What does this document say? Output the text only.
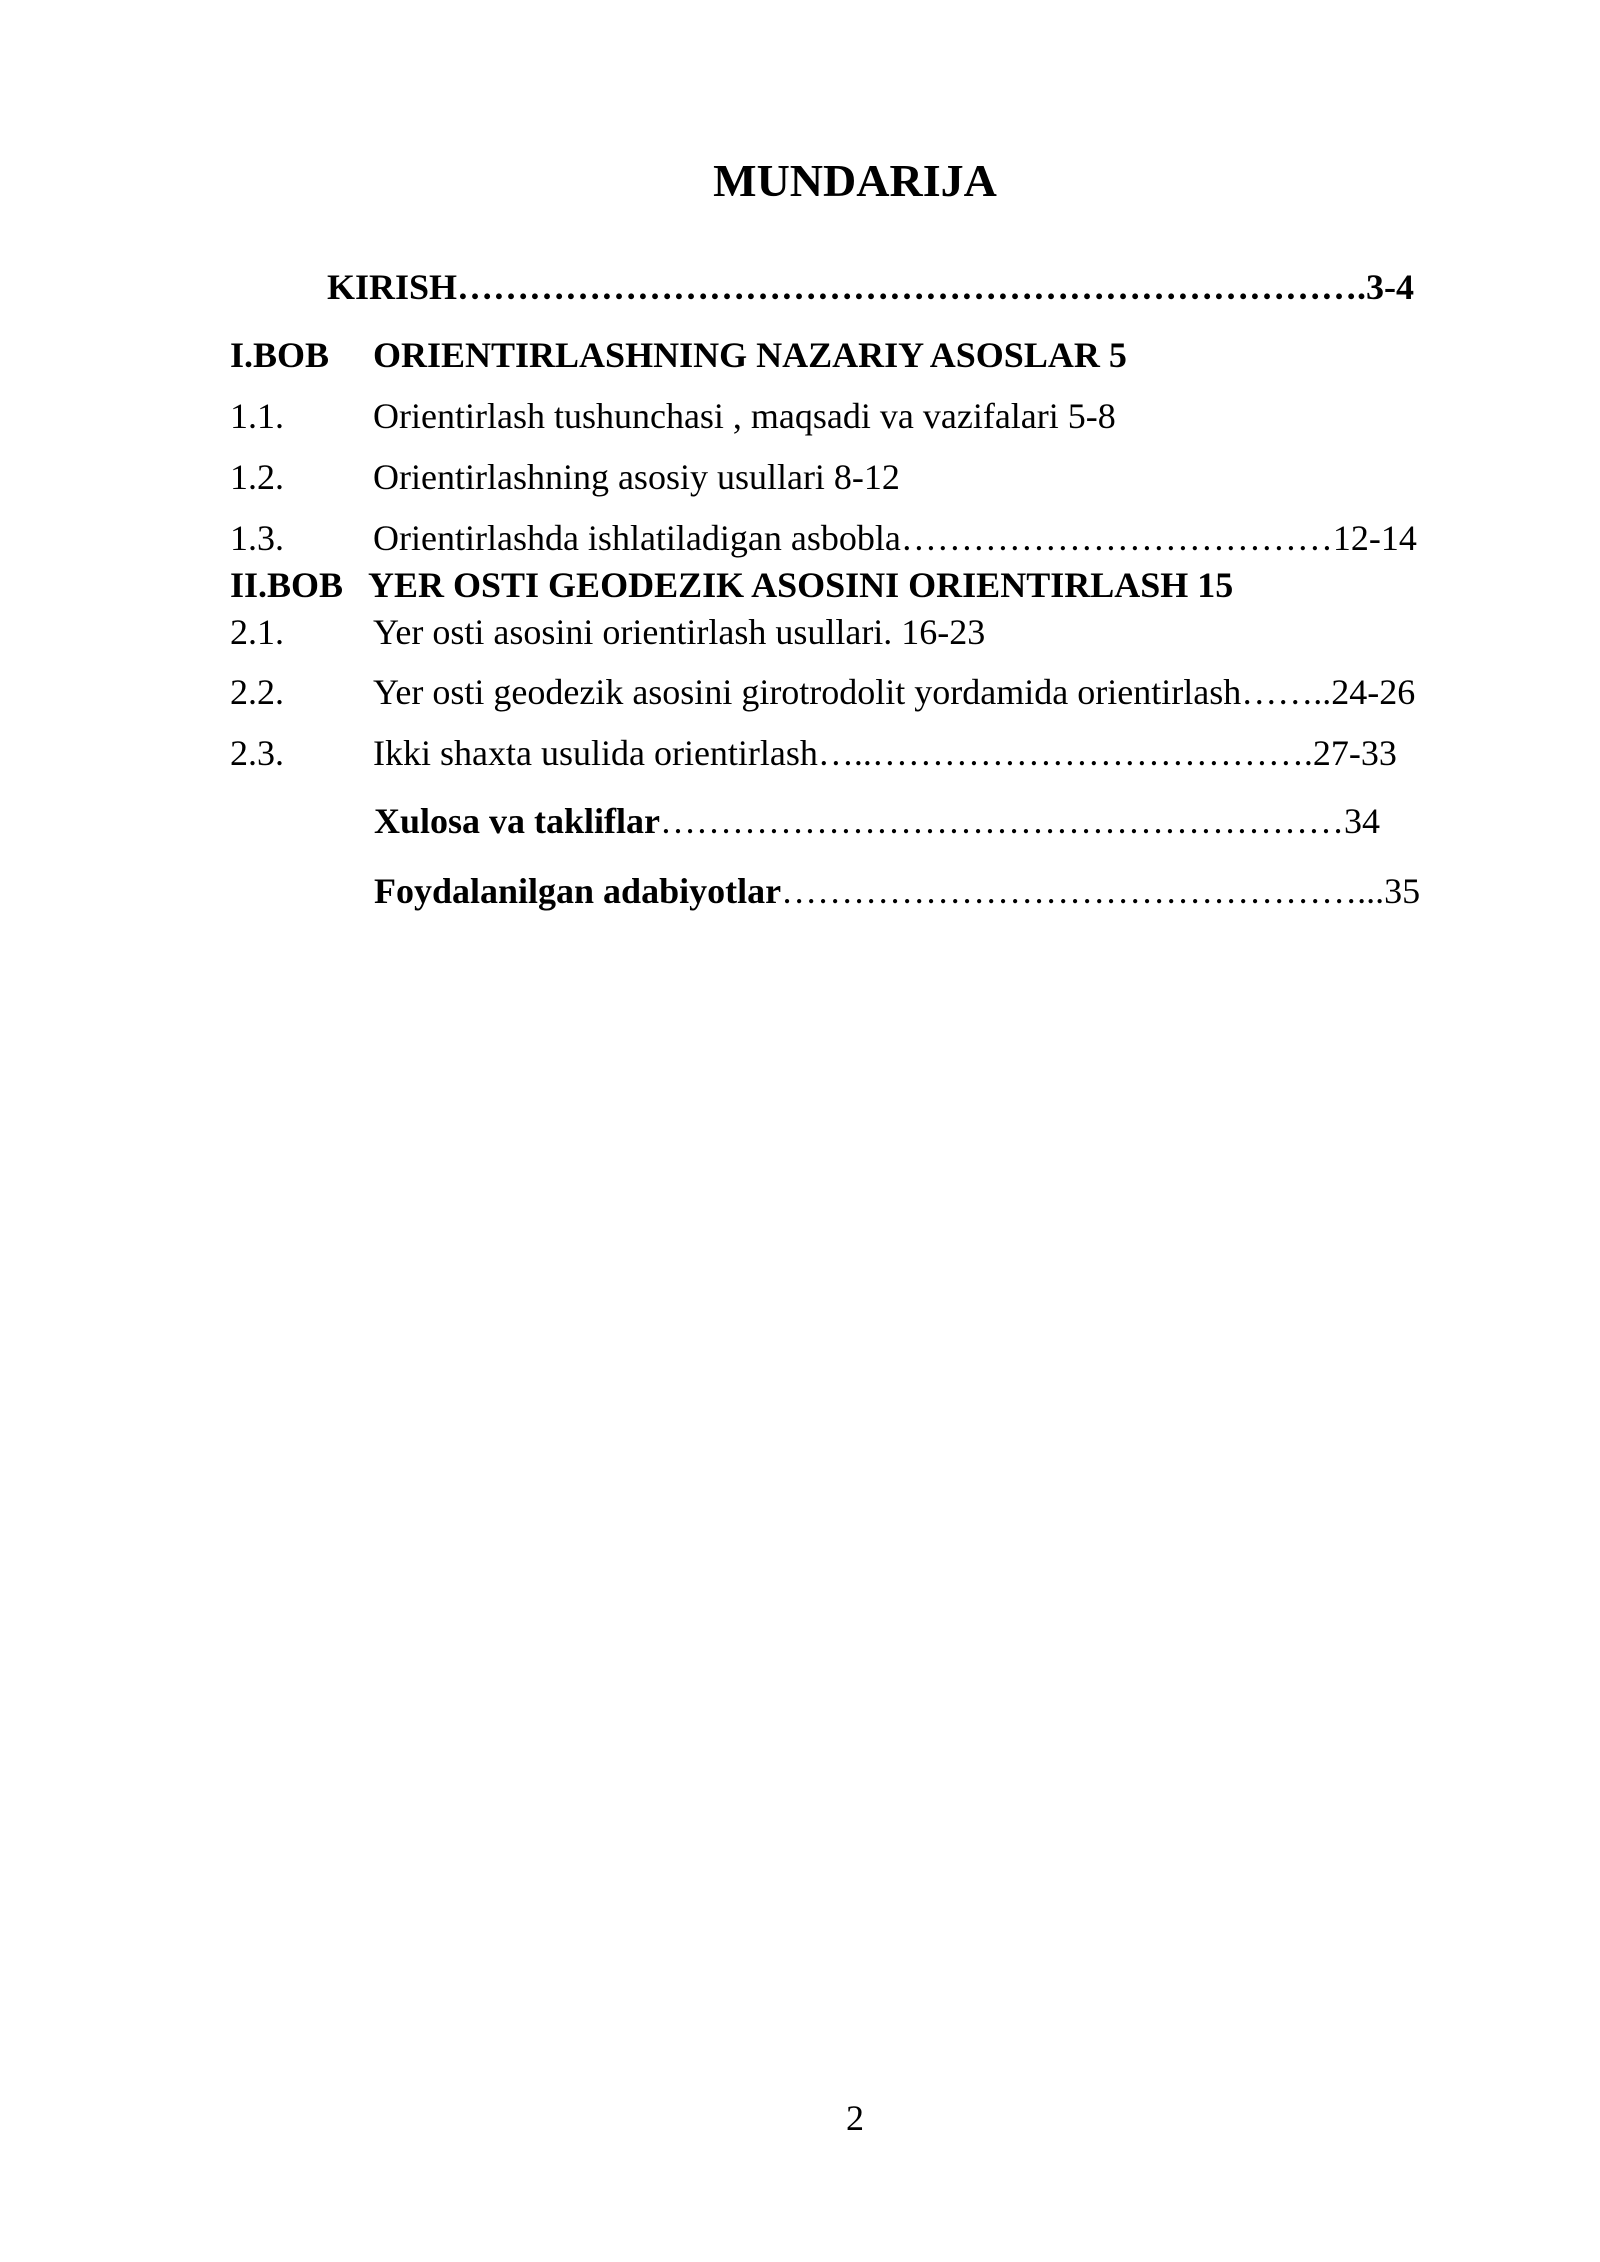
MUNDARIJA
KIRISH………………………………………………………………….3-4
I.BOB ORIENTIRLASHNING NAZARIY ASOSLAR 5
1.1. Orientirlash tushunchasi , maqsadi va vazifalari 5-8
1.2. Orientirlashning asosiy usullari 8-12
1.3. Orientirlashda ishlatiladigan asbobla………………………………12-14
II.BOB YER OSTI GEODEZIK ASOSINI ORIENTIRLASH 15
2.1. Yer osti asosini orientirlash usullari. 16-23
2.2. Yer osti geodezik asosini girotrodolit yordamida orientirlash……..24-26
2.3. Ikki shaxta usulida orientirlash…..……………………………….27-33
Xulosa va takliflar…………………………………………………34
Foydalanilgan adabiyotlar…………………………………………...35
2
